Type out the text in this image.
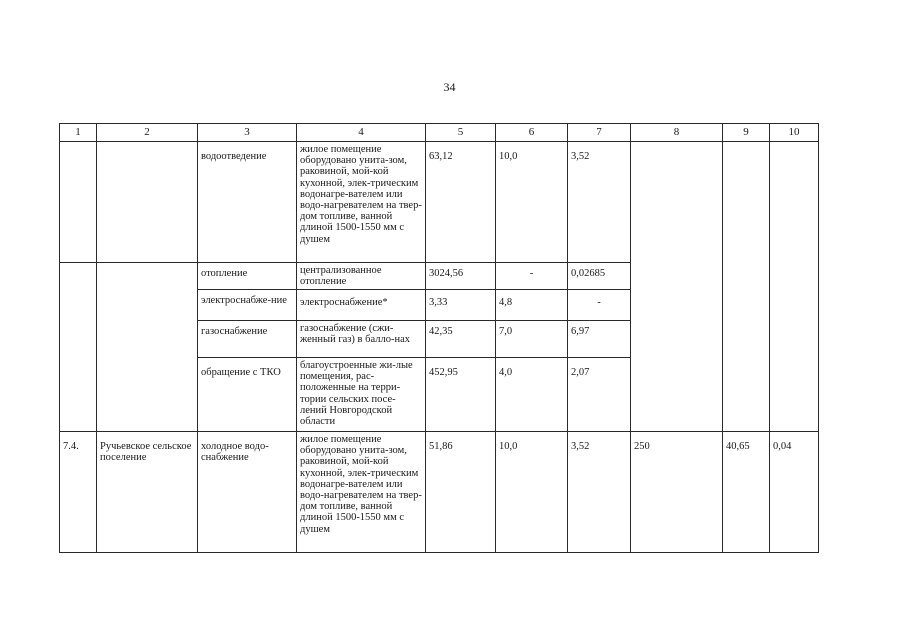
34
1	2	3	4	5	6	7	8	9	10
		водоотведение	жилое помещение оборудовано унита-зом, раковиной, мой-кой кухонной, элек-трическим водонагре-вателем или водо-нагревателем на твер-дом топливе, ванной длиной 1500-1550 мм с душем	63,12	10,0	3,52			
		отопление	централизованное отопление	3024,56	-	0,02685			
		электроснабже-ние	электроснабжение*	3,33	4,8	-			
		газоснабжение	газоснабжение (сжи-женный газ) в балло-нах	42,35	7,0	6,97			
		обращение с ТКО	благоустроенные жи-лые помещения, рас-положенные на терри-тории сельских посе-лений Новгородской области	452,95	4,0	2,07			
7.4.	Ручьевское сельское поселение	холодное водо-снабжение	жилое помещение оборудовано унита-зом, раковиной, мой-кой кухонной, элек-трическим водонагре-вателем или водо-нагревателем на твер-дом топливе, ванной длиной 1500-1550 мм с душем	51,86	10,0	3,52	250	40,65	0,04
